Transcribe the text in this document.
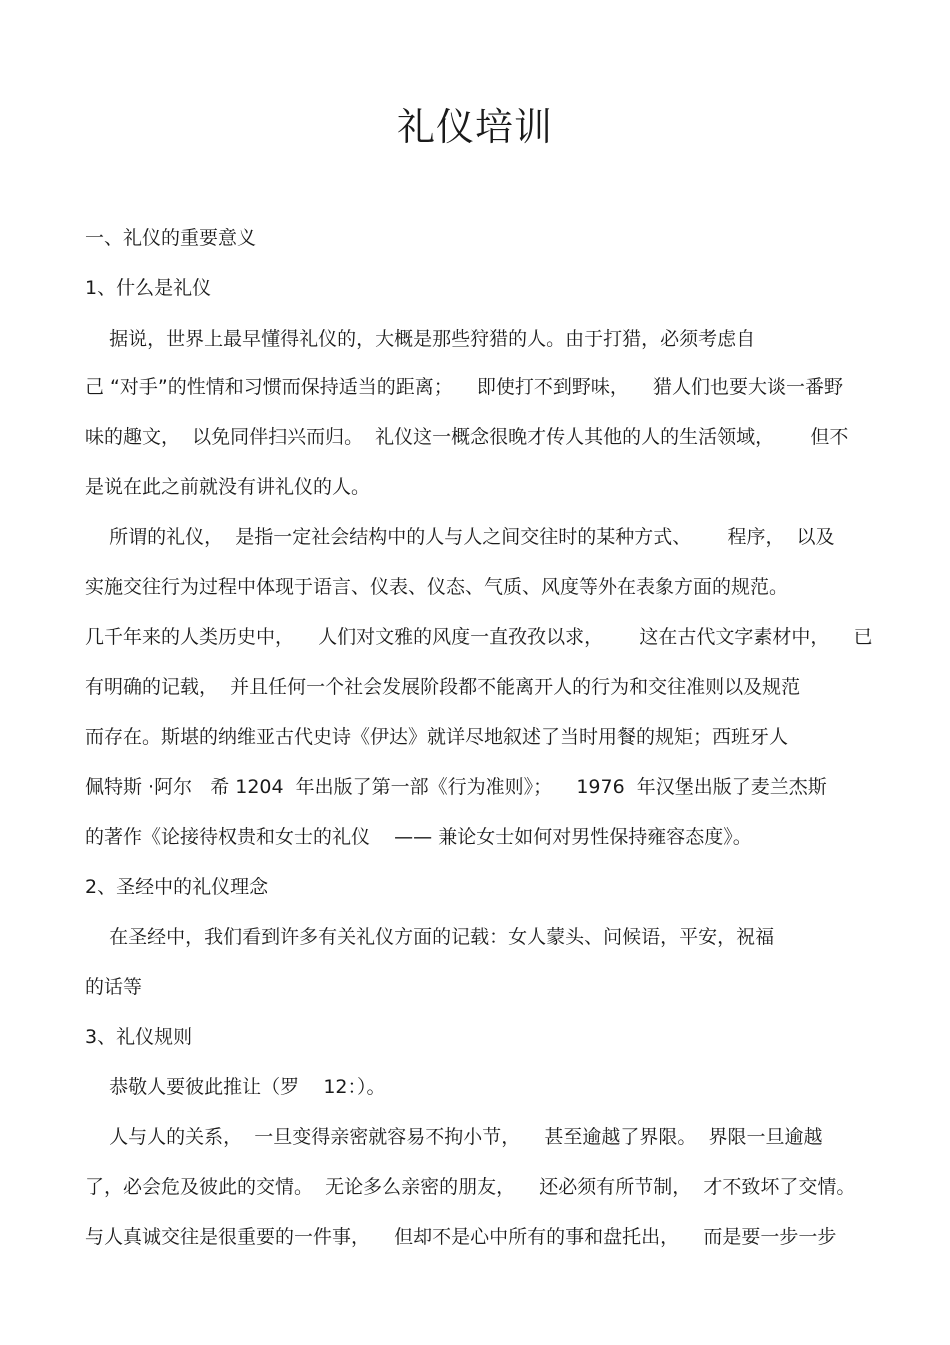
礼仪培训
一、礼仪的重要意义
1、什么是礼仪
据说，世界上最早懂得礼仪的，大概是那些狩猎的人。由于打猎，必须考虑自
己 “对手”的性情和习惯而保持适当的距离；    即使打不到野味，    猎人们也要大谈一番野
味的趣文，  以免同伴扫兴而归。  礼仪这一概念很晚才传人其他的人的生活领域，      但不
是说在此之前就没有讲礼仪的人。
所谓的礼仪，  是指一定社会结构中的人与人之间交往时的某种方式、      程序，  以及
实施交往行为过程中体现于语言、仪表、仪态、气质、风度等外在表象方面的规范。
几千年来的人类历史中，    人们对文雅的风度一直孜孜以求，      这在古代文字素材中，    已
有明确的记载，  并且任何一个社会发展阶段都不能离开人的行为和交往准则以及规范
而存在。斯堪的纳维亚古代史诗《伊达》就详尽地叙述了当时用餐的规矩；西班牙人
佩特斯 ·阿尔   希 1204  年出版了第一部《行为准则》；    1976  年汉堡出版了麦兰杰斯
的著作《论接待权贵和女士的礼仪    —— 兼论女士如何对男性保持雍容态度》。
2、圣经中的礼仪理念
在圣经中，我们看到许多有关礼仪方面的记载：女人蒙头、问候语，平安，祝福
的话等
3、礼仪规则
恭敬人要彼此推让（罗    12：）。
人与人的关系，  一旦变得亲密就容易不拘小节，    甚至逾越了界限。  界限一旦逾越
了，必会危及彼此的交情。  无论多么亲密的朋友，    还必须有所节制，  才不致坏了交情。
与人真诚交往是很重要的一件事，    但却不是心中所有的事和盘托出，    而是要一步一步
